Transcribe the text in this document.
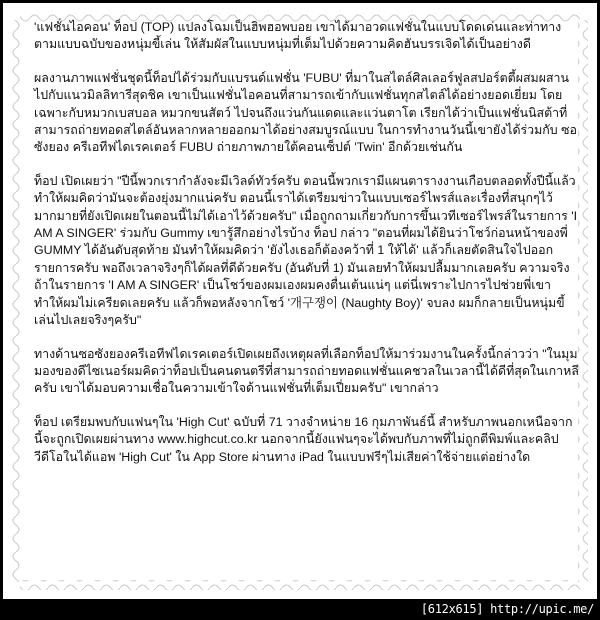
'แฟชั่นไอคอน' ท็อป (TOP) แปลงโฉมเป็นฮิพฮอพบอย เขาได้มาอวดแฟชั่นในแบบโดดเด่นและท่าทางตามแบบฉบับของหนุ่มขี้เล่น ให้สัมผัสในแบบหนุ่มที่เต็มไปด้วยความคิดฮันบรรเจิดได้เป็นอย่างดี

ผลงานภาพแฟชั่นชุดนี้ท็อปได้ร่วมกับแบรนด์แฟชั่น 'FUBU' ที่มาในสไตล์ศิลเลอร์ฟูลสปอร์ตตี้ผสมผสานไปกับแนวมิลลิทารีสุดชิค เขาเป็นแฟชั่นไอคอนที่สามารถเข้ากับแฟชั่นทุกสไตล์ได้อย่างยอดเยี่ยม โดยเฉพาะกับหมวกเบสบอล หมวกขนสัตว์ ไปจนถึงแว่นกันแดดและแว่นตาโต เรียกได้ว่าเป็นแฟชั่นนิสต้าที่สามารถถ่ายทอดสไตล์อันหลากหลายออกมาได้อย่างสมบูรณ์แบบ ในการทำงานวันนี้เขายังได้ร่วมกับ ซอซังยอง ครีเอทีฟไดเรคเตอร์ FUBU ถ่ายภาพภายใต้คอนเซ็ปต์ 'Twin' อีกด้วยเช่นกัน

ท็อป เปิดเผยว่า "ปีนี้พวกเรากำลังจะมีเวิลด์ทัวร์ครับ ตอนนี้พวกเรามีแผนตารางงานเกือบตลอดทั้งปีนี้แล้ว ทำให้ผมคิดว่ามันจะต้องยุ่งมากแน่ครับ ตอนนี้เราได้เตรียมข่าวในแบบเซอร์ไพรส์และเรื่องที่สนุกๆไว้มากมายที่ยังเปิดเผยในตอนนี้ไม่ได้เอาไว้ด้วยครับ" เมื่อถูกถามเกี่ยวกับการขึ้นเวทีเซอร์ไพรส์ในรายการ 'I AM A SINGER' ร่วมกับ Gummy เขารู้สึกอย่างไรบ้าง ท็อป กล่าว "ตอนที่ผมได้ยินว่าโชว์ก่อนหน้าของพี่ GUMMY ได้อันดับสุดท้าย มันทำให้ผมคิดว่า 'ยังไงเธอก็ต้องคว้าที่ 1 ให้ได้' แล้วก็เลยตัดสินใจไปออกรายการครับ พอถึงเวลาจริงๆก็ได้ผลที่ดีด้วยครับ (อันดับที่ 1) มันเลยทำให้ผมปลื้มมากเลยครับ ความจริงถ้าในรายการ 'I AM A SINGER' เป็นโชว์ของผมเองผมคงตื่นเต้นแน่ๆ แต่นี่เพราะไปการไปช่วยพี่เขาทำให้ผมไม่เครียดเลยครับ แล้วก็พอหลังจากโชว์ '개구쟁이 (Naughty Boy)' จบลง ผมก็กลายเป็นหนุ่มขี้เล่นไปเลยจริงๆครับ"

ทางด้านซอซังยองครีเอทีฟไดเรคเตอร์เปิดเผยถึงเหตุผลที่เลือกท็อปให้มาร่วมงานในครั้งนี้กล่าวว่า "ในมุมมองของดีไซเนอร์ผมคิดว่าท็อปเป็นคนดนตรีที่สามารถถ่ายทอดแฟชั่นแคชวลในเวลานี้ได้ดีที่สุดในเกาหลีครับ เขาได้มอบความเชื่อในความเข้าใจด้านแฟชั่นที่เต็มเปี่ยมครับ" เขากล่าว

ท็อป เตรียมพบกับแฟนๆใน 'High Cut' ฉบับที่ 71 วางจำหน่าย 16 กุมภาพันธ์นี้ สำหรับภาพนอกเหนือจากนี้จะถูกเปิดเผยผ่านทาง www.highcut.co.kr นอกจากนี้ยังแฟนๆจะได้พบกับภาพที่ไม่ถูกตีพิมพ์และคลิปวีดีโอในได้แอพ 'High Cut' ใน App Store ผ่านทาง iPad ในแบบฟรีๆไม่เสียค่าใช้จ่ายแต่อย่างใด

[612x615] http://upic.me/
